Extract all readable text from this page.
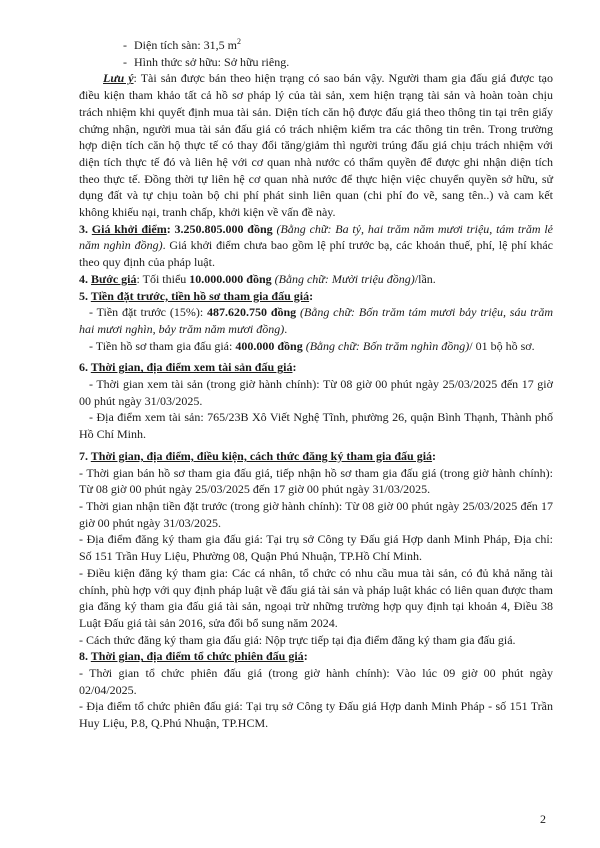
- Diện tích sàn: 31,5 $m^2$

- Hình thức sở hữu: Sở hữu riêng.

Lưu ý: Tài sản được bán theo hiện trạng có sao bán vậy. Người tham gia đấu giá được tạo điều kiện tham khảo tất cả hồ sơ pháp lý của tài sản, xem hiện trạng tài sản và hoàn toàn chịu trách nhiệm khi quyết định mua tài sản. Diện tích căn hộ được đấu giá theo thông tin tại trên giấy chứng nhận, người mua tài sản đấu giá có trách nhiệm kiểm tra các thông tin trên. Trong trường hợp diện tích căn hộ thực tế có thay đổi tăng/giảm thì người trúng đấu giá chịu trách nhiệm với diện tích thực tế đó và liên hệ với cơ quan nhà nước có thẩm quyền để được ghi nhận diện tích theo thực tế. Đồng thời tự liên hệ cơ quan nhà nước để thực hiện việc chuyển quyền sở hữu, sử dụng đất và tự chịu toàn bộ chi phí phát sinh liên quan (chi phí đo vẽ, sang tên..) và cam kết không khiếu nại, tranh chấp, khởi kiện về vấn đề này.

3. Giá khởi điểm: 3.250.805.000 đồng (Bằng chữ: Ba tỷ, hai trăm năm mươi triệu, tám trăm lẻ năm nghìn đồng). Giá khởi điểm chưa bao gồm lệ phí trước bạ, các khoản thuế, phí, lệ phí khác theo quy định của pháp luật.

4. Bước giá: Tối thiểu 10.000.000 đồng (Bằng chữ: Mười triệu đồng)/lần.

5. Tiền đặt trước, tiền hồ sơ tham gia đấu giá:

- Tiền đặt trước (15%): 487.620.750 đồng (Bằng chữ: Bốn trăm tám mươi bảy triệu, sáu trăm hai mươi nghìn, bảy trăm năm mươi đồng).

- Tiền hồ sơ tham gia đấu giá: 400.000 đồng (Bằng chữ: Bốn trăm nghìn đồng)/ 01 bộ hồ sơ.

6. Thời gian, địa điểm xem tài sản đấu giá:

- Thời gian xem tài sản (trong giờ hành chính): Từ 08 giờ 00 phút ngày 25/03/2025 đến 17 giờ 00 phút ngày 31/03/2025.

- Địa điểm xem tài sản: 765/23B Xô Viết Nghệ Tĩnh, phường 26, quận Bình Thạnh, Thành phố Hồ Chí Minh.

7. Thời gian, địa điểm, điều kiện, cách thức đăng ký tham gia đấu giá:

- Thời gian bán hồ sơ tham gia đấu giá, tiếp nhận hồ sơ tham gia đấu giá (trong giờ hành chính): Từ 08 giờ 00 phút ngày 25/03/2025 đến 17 giờ 00 phút ngày 31/03/2025.

- Thời gian nhận tiền đặt trước (trong giờ hành chính): Từ 08 giờ 00 phút ngày 25/03/2025 đến 17 giờ 00 phút ngày 31/03/2025.

- Địa điểm đăng ký tham gia đấu giá: Tại trụ sở Công ty Đấu giá Hợp danh Minh Pháp, Địa chỉ: Số 151 Trần Huy Liệu, Phường 08, Quận Phú Nhuận, TP.Hồ Chí Minh.

- Điều kiện đăng ký tham gia: Các cá nhân, tổ chức có nhu cầu mua tài sản, có đủ khả năng tài chính, phù hợp với quy định pháp luật về đấu giá tài sản và pháp luật khác có liên quan được tham gia đăng ký tham gia đấu giá tài sản, ngoại trừ những trường hợp quy định tại khoản 4, Điều 38 Luật Đấu giá tài sản 2016, sửa đổi bổ sung năm 2024.

- Cách thức đăng ký tham gia đấu giá: Nộp trực tiếp tại địa điểm đăng ký tham gia đấu giá.

8. Thời gian, địa điểm tổ chức phiên đấu giá:

- Thời gian tổ chức phiên đấu giá (trong giờ hành chính): Vào lúc 09 giờ 00 phút ngày 02/04/2025.

- Địa điểm tổ chức phiên đấu giá: Tại trụ sở Công ty Đấu giá Hợp danh Minh Pháp - số 151 Trần Huy Liệu, P.8, Q.Phú Nhuận, TP.HCM.

2
